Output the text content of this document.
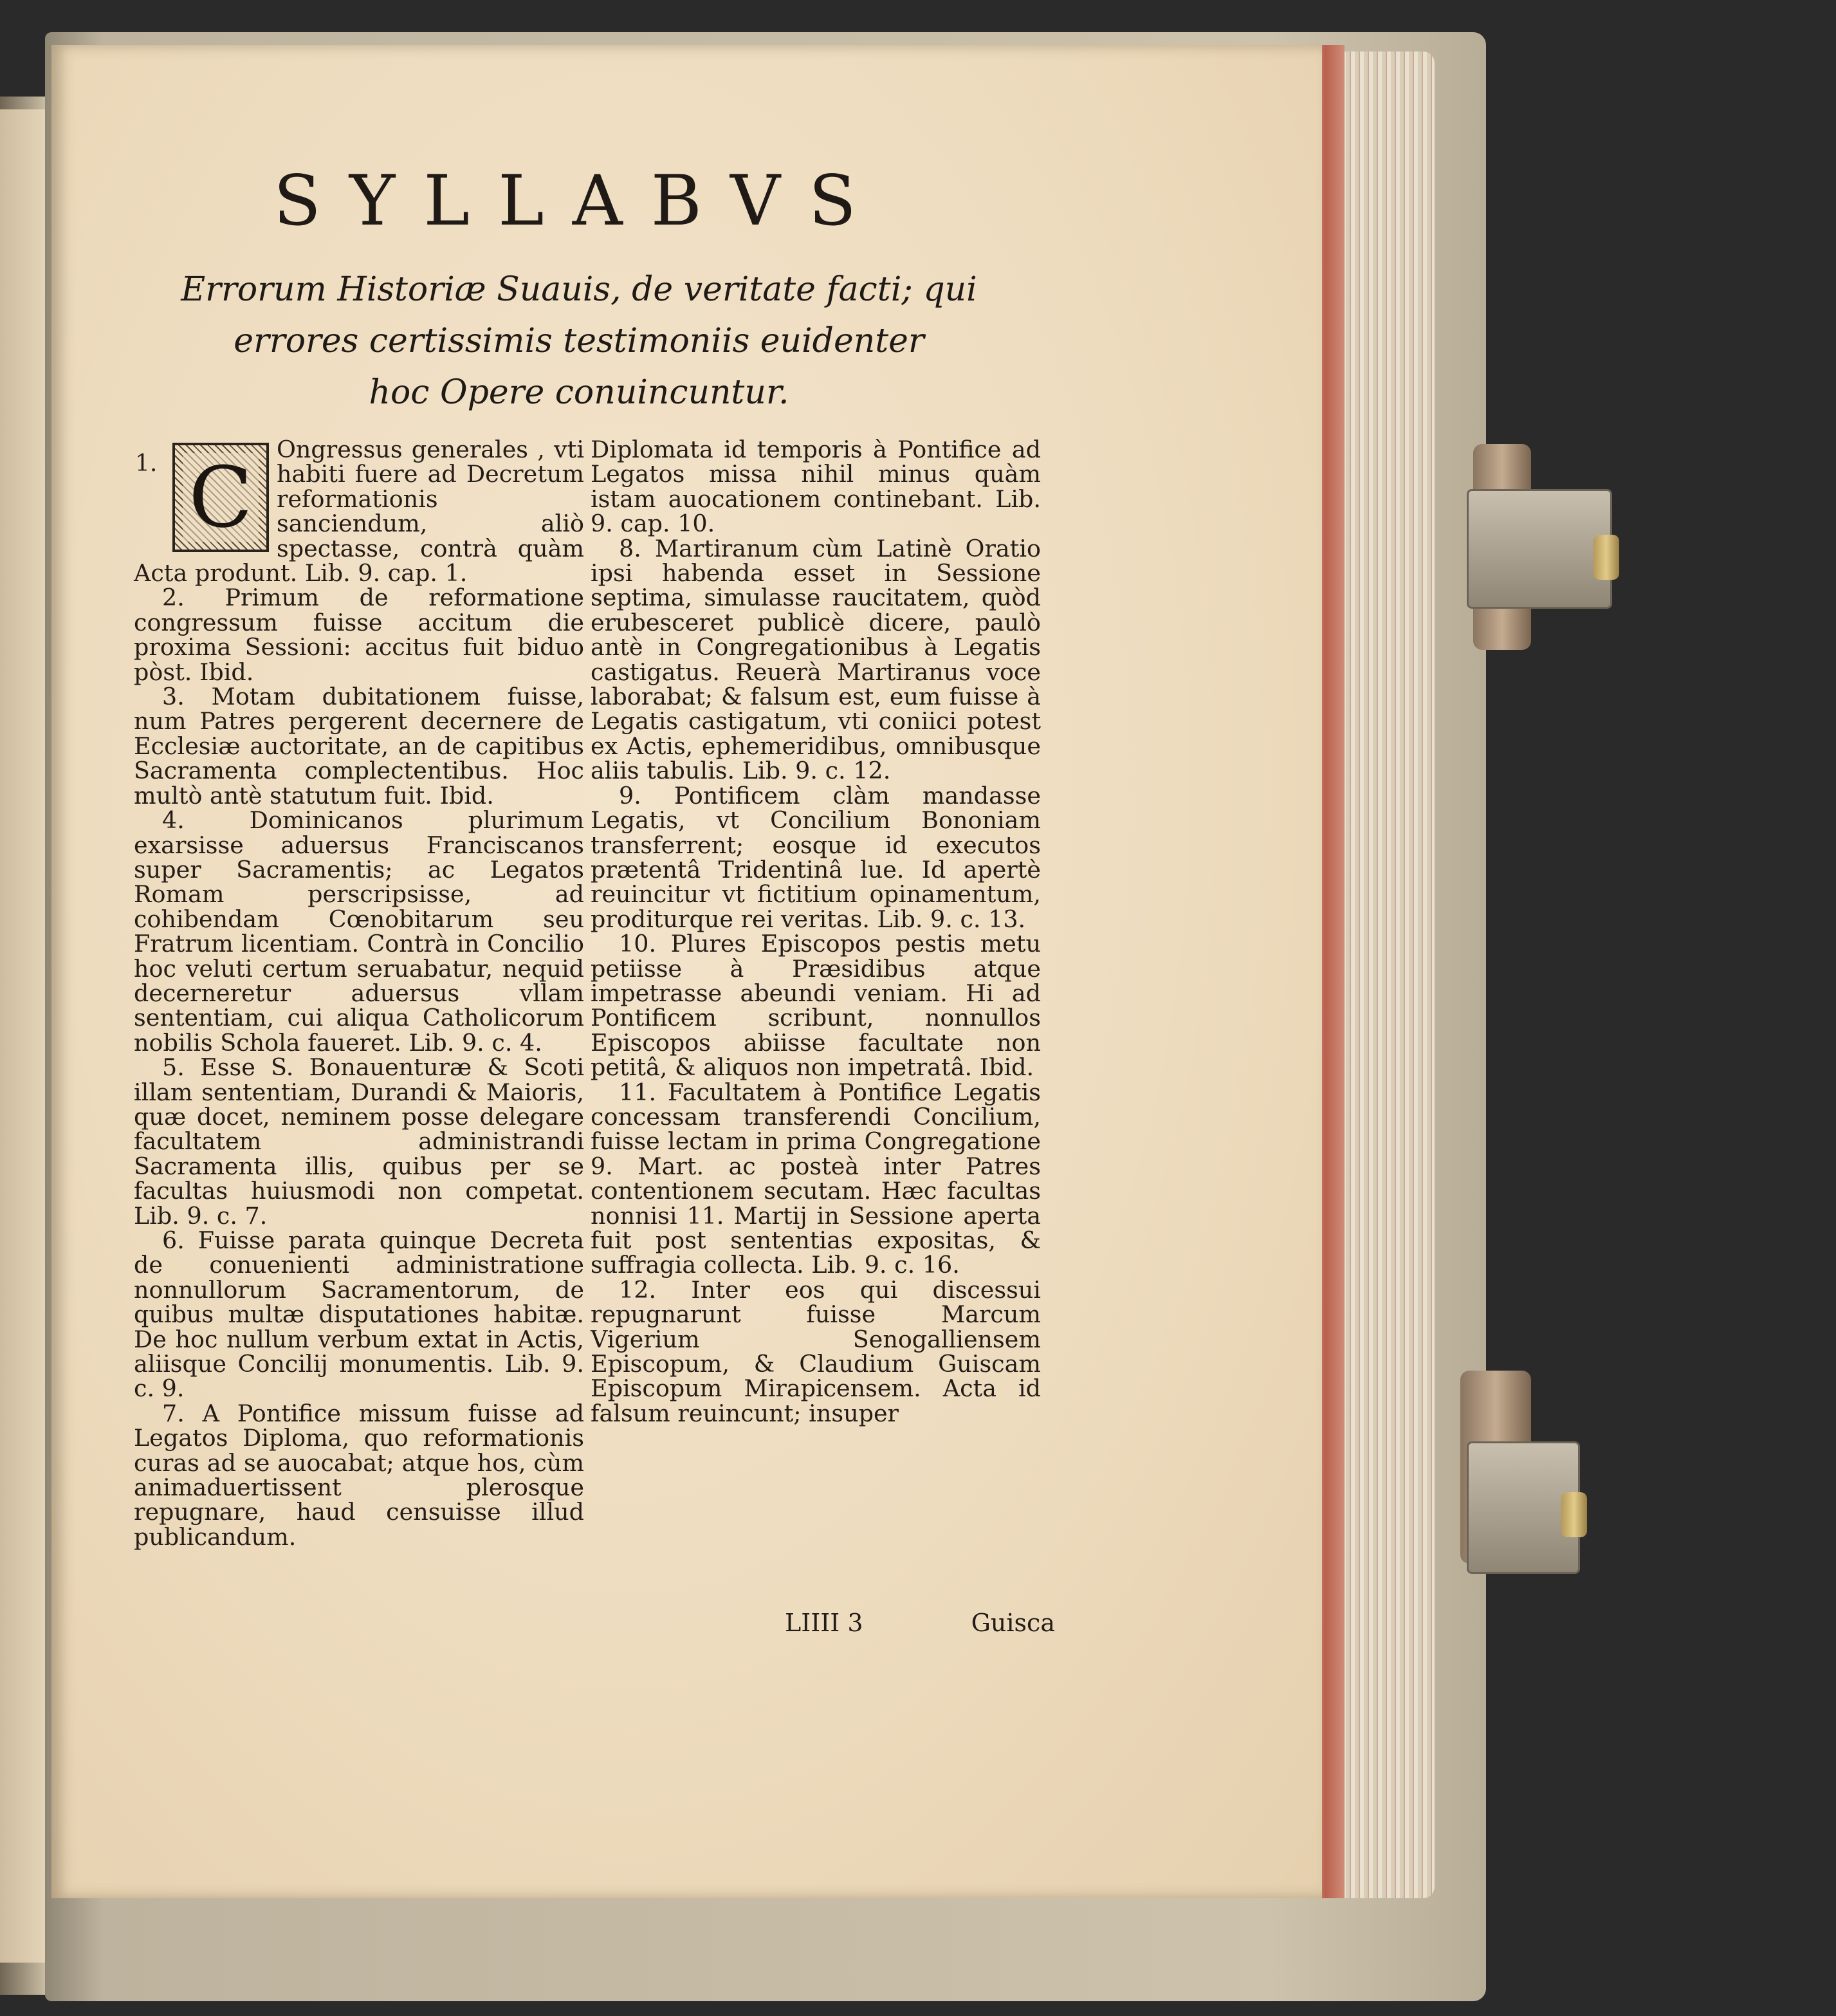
SYLLABVS
Errorum Historiæ Suauis, de veritate facti; qui
errores certissimis testimoniis euidenter
hoc Opere conuincuntur.
1. C	Ongressus generales , vti habiti fuere ad Decretum reformationis sanciendum, aliò spectasse, contrà quàm Acta produnt. Lib. 9. cap. 1.

2. Primum de reformatione congressum fuisse accitum die proxima Sessioni: accitus fuit biduo pòst. Ibid.

3. Motam dubitationem fuisse, num Patres pergerent decernere de Ecclesiæ auctoritate, an de capitibus Sacramenta complectentibus. Hoc multò antè statutum fuit. Ibid.

4. Dominicanos plurimum exarsisse aduersus Franciscanos super Sacramentis; ac Legatos Romam perscripsisse, ad cohibendam Cœnobitarum seu Fratrum licentiam. Contrà in Concilio hoc veluti certum seruabatur, nequid decerneretur aduersus vllam sententiam, cui aliqua Catholicorum nobilis Schola faueret. Lib. 9. c. 4.

5. Esse S. Bonauenturæ & Scoti illam sententiam, Durandi & Maioris, quæ docet, neminem posse delegare facultatem administrandi Sacramenta illis, quibus per se facultas huiusmodi non competat. Lib. 9. c. 7.

6. Fuisse parata quinque Decreta de conuenienti administratione nonnullorum Sacramentorum, de quibus multæ disputationes habitæ. De hoc nullum verbum extat in Actis, aliisque Concilij monumentis. Lib. 9. c. 9.

7. A Pontifice missum fuisse ad Legatos Diploma, quo reformationis curas ad se auocabat; atque hos, cùm animaduertissent plerosque repugnare, haud censuisse illud publicandum.

Diplomata id temporis à Pontifice ad Legatos missa nihil minus quàm istam auocationem continebant. Lib. 9. cap. 10.

8. Martiranum cùm Latinè Oratio ipsi habenda esset in Sessione septima, simulasse raucitatem, quòd erubesceret publicè dicere, paulò antè in Congregationibus à Legatis castigatus. Reuerà Martiranus voce laborabat; & falsum est, eum fuisse à Legatis castigatum, vti coniici potest ex Actis, ephemeridibus, omnibusque aliis tabulis. Lib. 9. c. 12.

9. Pontificem clàm mandasse Legatis, vt Concilium Bononiam transferrent; eosque id executos prætentâ Tridentinâ lue. Id apertè reuincitur vt fictitium opinamentum, proditurque rei veritas. Lib. 9. c. 13.

10. Plures Episcopos pestis metu petiisse à Præsidibus atque impetrasse abeundi veniam. Hi ad Pontificem scribunt, nonnullos Episcopos abiisse facultate non petitâ, & aliquos non impetratâ. Ibid.

11. Facultatem à Pontifice Legatis concessam transferendi Concilium, fuisse lectam in prima Congregatione 9. Mart. ac posteà inter Patres contentionem secutam. Hæc facultas nonnisi 11. Martij in Sessione aperta fuit post sententias expositas, & suffragia collecta. Lib. 9. c. 16.

12. Inter eos qui discessui repugnarunt fuisse Marcum Vigerium Senogalliensem Episcopum, & Claudium Guiscam Episcopum Mirapicensem. Acta id falsum reuincunt; insuper

LIIII 3	Guisca
